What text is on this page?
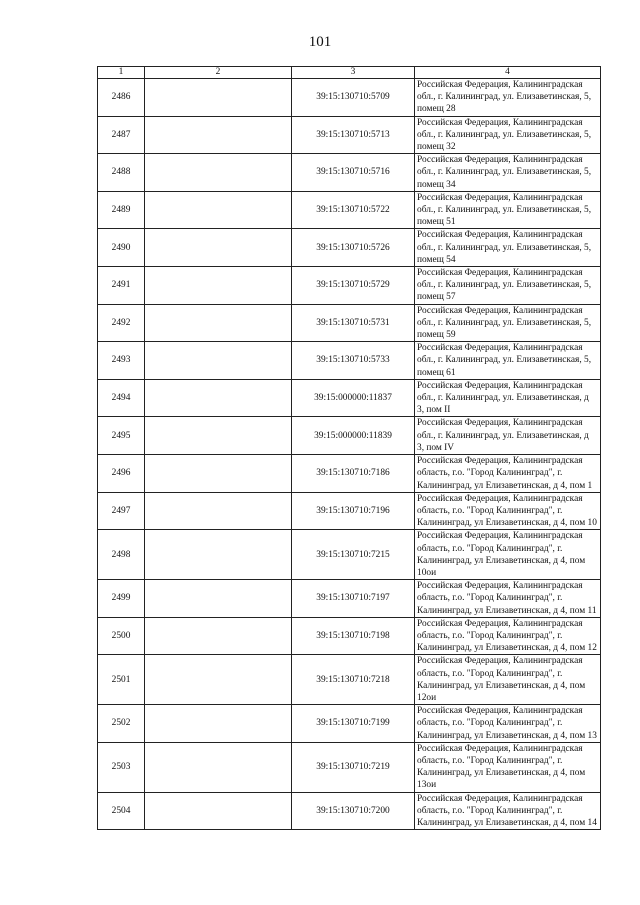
101
1	2	3	4
2486		39:15:130710:5709	Российская Федерация, Калининградская обл., г. Калининград, ул. Елизаветинская, 5, помещ 28
2487		39:15:130710:5713	Российская Федерация, Калининградская обл., г. Калининград, ул. Елизаветинская, 5, помещ 32
2488		39:15:130710:5716	Российская Федерация, Калининградская обл., г. Калининград, ул. Елизаветинская, 5, помещ 34
2489		39:15:130710:5722	Российская Федерация, Калининградская обл., г. Калининград, ул. Елизаветинская, 5, помещ 51
2490		39:15:130710:5726	Российская Федерация, Калининградская обл., г. Калининград, ул. Елизаветинская, 5, помещ 54
2491		39:15:130710:5729	Российская Федерация, Калининградская обл., г. Калининград, ул. Елизаветинская, 5, помещ 57
2492		39:15:130710:5731	Российская Федерация, Калининградская обл., г. Калининград, ул. Елизаветинская, 5, помещ 59
2493		39:15:130710:5733	Российская Федерация, Калининградская обл., г. Калининград, ул. Елизаветинская, 5, помещ 61
2494		39:15:000000:11837	Российская Федерация, Калининградская обл., г. Калининград, ул. Елизаветинская, д 3, пом II
2495		39:15:000000:11839	Российская Федерация, Калининградская обл., г. Калининград, ул. Елизаветинская, д 3, пом IV
2496		39:15:130710:7186	Российская Федерация, Калининградская область, г.о. "Город Калининград", г. Калининград, ул Елизаветинская, д 4, пом 1
2497		39:15:130710:7196	Российская Федерация, Калининградская область, г.о. "Город Калининград", г. Калининград, ул Елизаветинская, д 4, пом 10
2498		39:15:130710:7215	Российская Федерация, Калининградская область, г.о. "Город Калининград", г. Калининград, ул Елизаветинская, д 4, пом 10ои
2499		39:15:130710:7197	Российская Федерация, Калининградская область, г.о. "Город Калининград", г. Калининград, ул Елизаветинская, д 4, пом 11
2500		39:15:130710:7198	Российская Федерация, Калининградская область, г.о. "Город Калининград", г. Калининград, ул Елизаветинская, д 4, пом 12
2501		39:15:130710:7218	Российская Федерация, Калининградская область, г.о. "Город Калининград", г. Калининград, ул Елизаветинская, д 4, пом 12ои
2502		39:15:130710:7199	Российская Федерация, Калининградская область, г.о. "Город Калининград", г. Калининград, ул Елизаветинская, д 4, пом 13
2503		39:15:130710:7219	Российская Федерация, Калининградская область, г.о. "Город Калининград", г. Калининград, ул Елизаветинская, д 4, пом 13ои
2504		39:15:130710:7200	Российская Федерация, Калининградская область, г.о. "Город Калининград", г. Калининград, ул Елизаветинская, д 4, пом 14
